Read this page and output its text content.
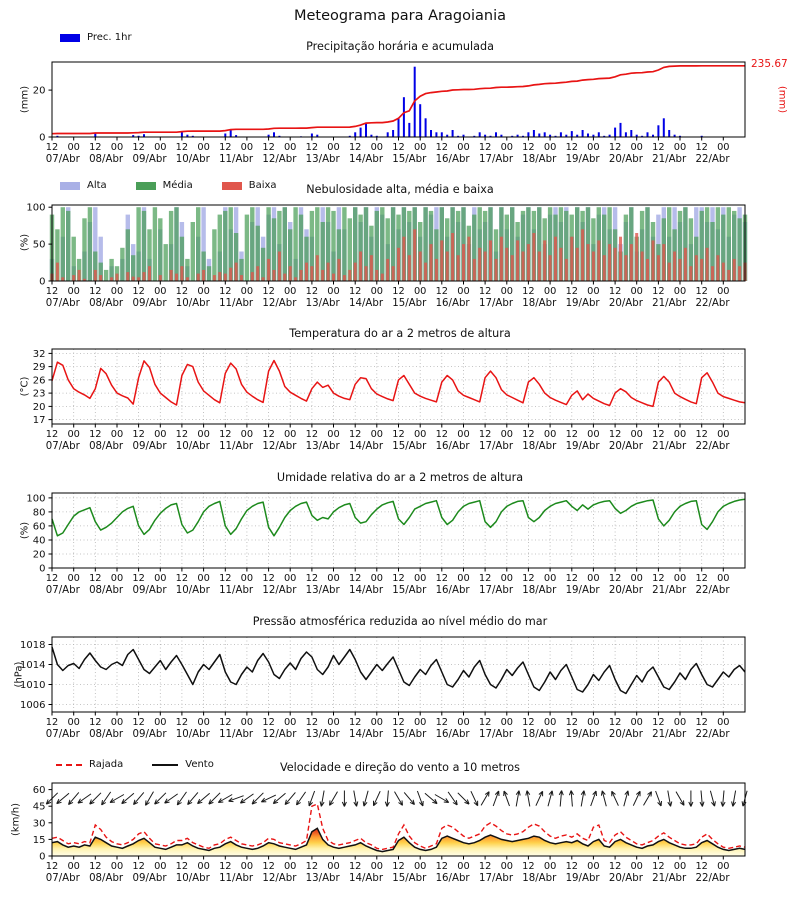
12 00 12 00 12 00 12 00 12 00 12 00 12 00 12 00 12 00 12 00 12 00 12 00 12 00 12 00 12 00 12 00
07/Abr 08/Abr 09/Abr 10/Abr 11/Abr 12/Abr 13/Abr 14/Abr 15/Abr 16/Abr 17/Abr 18/Abr 19/Abr 20/Abr 21/Abr 22/Abr
0
20
12 00 12 00 12 00 12 00 12 00 12 00 12 00 12 00 12 00 12 00 12 00 12 00 12 00 12 00 12 00 12 00
07/Abr 08/Abr 09/Abr 10/Abr 11/Abr 12/Abr 13/Abr 14/Abr 15/Abr 16/Abr 17/Abr 18/Abr 19/Abr 20/Abr 21/Abr 22/Abr
0
50
100
12 00 12 00 12 00 12 00 12 00 12 00 12 00 12 00 12 00 12 00 12 00 12 00 12 00 12 00 12 00 12 00
07/Abr 08/Abr 09/Abr 10/Abr 11/Abr 12/Abr 13/Abr 14/Abr 15/Abr 16/Abr 17/Abr 18/Abr 19/Abr 20/Abr 21/Abr 22/Abr
17
20
23
26
29
32
12 00 12 00 12 00 12 00 12 00 12 00 12 00 12 00 12 00 12 00 12 00 12 00 12 00 12 00 12 00 12 00
07/Abr 08/Abr 09/Abr 10/Abr 11/Abr 12/Abr 13/Abr 14/Abr 15/Abr 16/Abr 17/Abr 18/Abr 19/Abr 20/Abr 21/Abr 22/Abr
0
20
40
60
80
100
12 00 12 00 12 00 12 00 12 00 12 00 12 00 12 00 12 00 12 00 12 00 12 00 12 00 12 00 12 00 12 00
07/Abr 08/Abr 09/Abr 10/Abr 11/Abr 12/Abr 13/Abr 14/Abr 15/Abr 16/Abr 17/Abr 18/Abr 19/Abr 20/Abr 21/Abr 22/Abr
1006
1010
1014
1018
12 00 12 00 12 00 12 00 12 00 12 00 12 00 12 00 12 00 12 00 12 00 12 00 12 00 12 00 12 00 12 00
07/Abr 08/Abr 09/Abr 10/Abr 11/Abr 12/Abr 13/Abr 14/Abr 15/Abr 16/Abr 17/Abr 18/Abr 19/Abr 20/Abr 21/Abr 22/Abr
0
15
30
45
60
Meteograma para Aragoiania
Precipitação horária e acumulada
Nebulosidade alta, média e baixa
Temperatura do ar a 2 metros de altura
Umidade relativa do ar a 2 metros de altura
Pressão atmosférica reduzida ao nível médio do mar
Velocidade e direção do vento a 10 metros
(mm)
(%)
(°C)
(%)
(hPa)
(km/h)
(mm)
235.67
Prec. 1hr
Alta	Média	Baixa
Rajada	Vento
